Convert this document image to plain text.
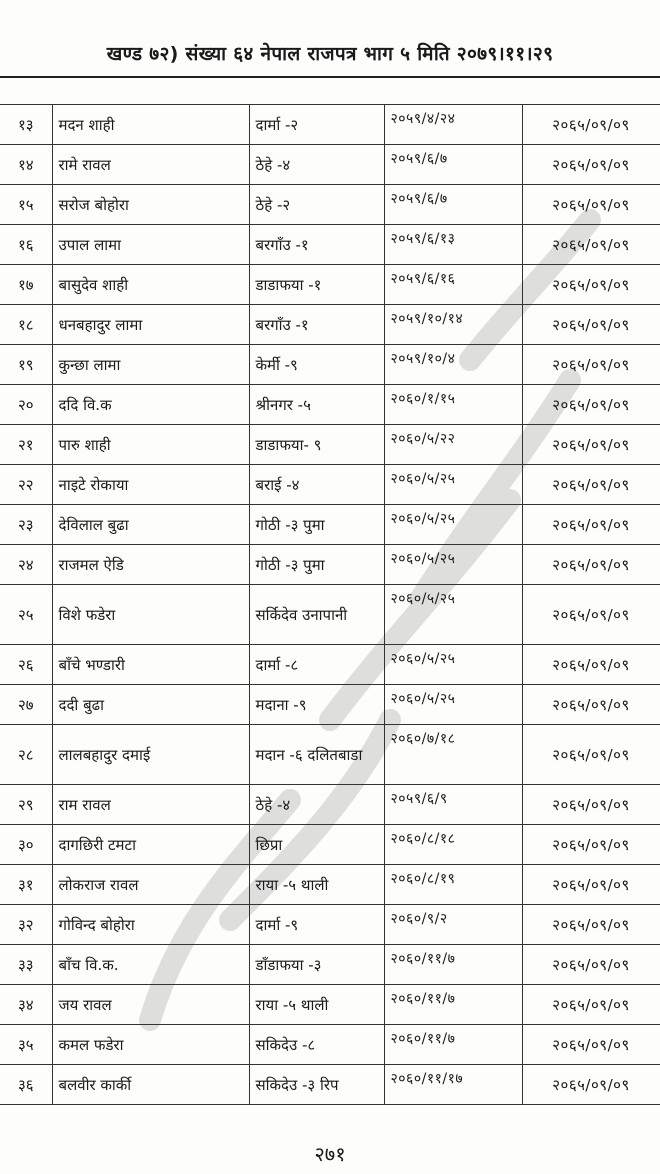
खण्ड ७२) संख्या ६४ नेपाल राजपत्र भाग ५ मिति २०७९।११।२९
१३	मदन शाही	दार्मा -२	२०५९/४/२४	२०६५/०९/०९
१४	रामे रावल	ठेहे -४	२०५९/६/७	२०६५/०९/०९
१५	सरोज बोहोरा	ठेहे -२	२०५९/६/७	२०६५/०९/०९
१६	उपाल लामा	बरगाँउ -१	२०५९/६/१३	२०६५/०९/०९
१७	बासुदेव शाही	डाडाफया -१	२०५९/६/१६	२०६५/०९/०९
१८	धनबहादुर लामा	बरगाँउ -१	२०५९/१०/१४	२०६५/०९/०९
१९	कुन्छा लामा	केर्मी -९	२०५९/१०/४	२०६५/०९/०९
२०	ददि वि.क	श्रीनगर -५	२०६०/१/१५	२०६५/०९/०९
२१	पारु शाही	डाडाफया- ९	२०६०/५/२२	२०६५/०९/०९
२२	नाइटे रोकाया	बराई -४	२०६०/५/२५	२०६५/०९/०९
२३	देविलाल बुढा	गोठी -३ पुमा	२०६०/५/२५	२०६५/०९/०९
२४	राजमल ऐडि	गोठी -३ पुमा	२०६०/५/२५	२०६५/०९/०९
२५	विशे फडेरा	सर्किदेव उनापानी	२०६०/५/२५	२०६५/०९/०९
२६	बाँचे भण्डारी	दार्मा -८	२०६०/५/२५	२०६५/०९/०९
२७	ददी बुढा	मदाना -९	२०६०/५/२५	२०६५/०९/०९
२८	लालबहादुर दमाई	मदान -६ दलितबाडा	२०६०/७/१८	२०६५/०९/०९
२९	राम रावल	ठेहे -४	२०५९/६/९	२०६५/०९/०९
३०	दागछिरी टमटा	छिप्रा	२०६०/८/१८	२०६५/०९/०९
३१	लोकराज रावल	राया -५ थाली	२०६०/८/१९	२०६५/०९/०९
३२	गोविन्द बोहोरा	दार्मा -९	२०६०/९/२	२०६५/०९/०९
३३	बाँच वि.क.	डाँडाफया -३	२०६०/११/७	२०६५/०९/०९
३४	जय रावल	राया -५ थाली	२०६०/११/७	२०६५/०९/०९
३५	कमल फडेरा	सकिदेउ -८	२०६०/११/७	२०६५/०९/०९
३६	बलवीर कार्की	सकिदेउ -३ रिप	२०६०/११/१७	२०६५/०९/०९
२७१
